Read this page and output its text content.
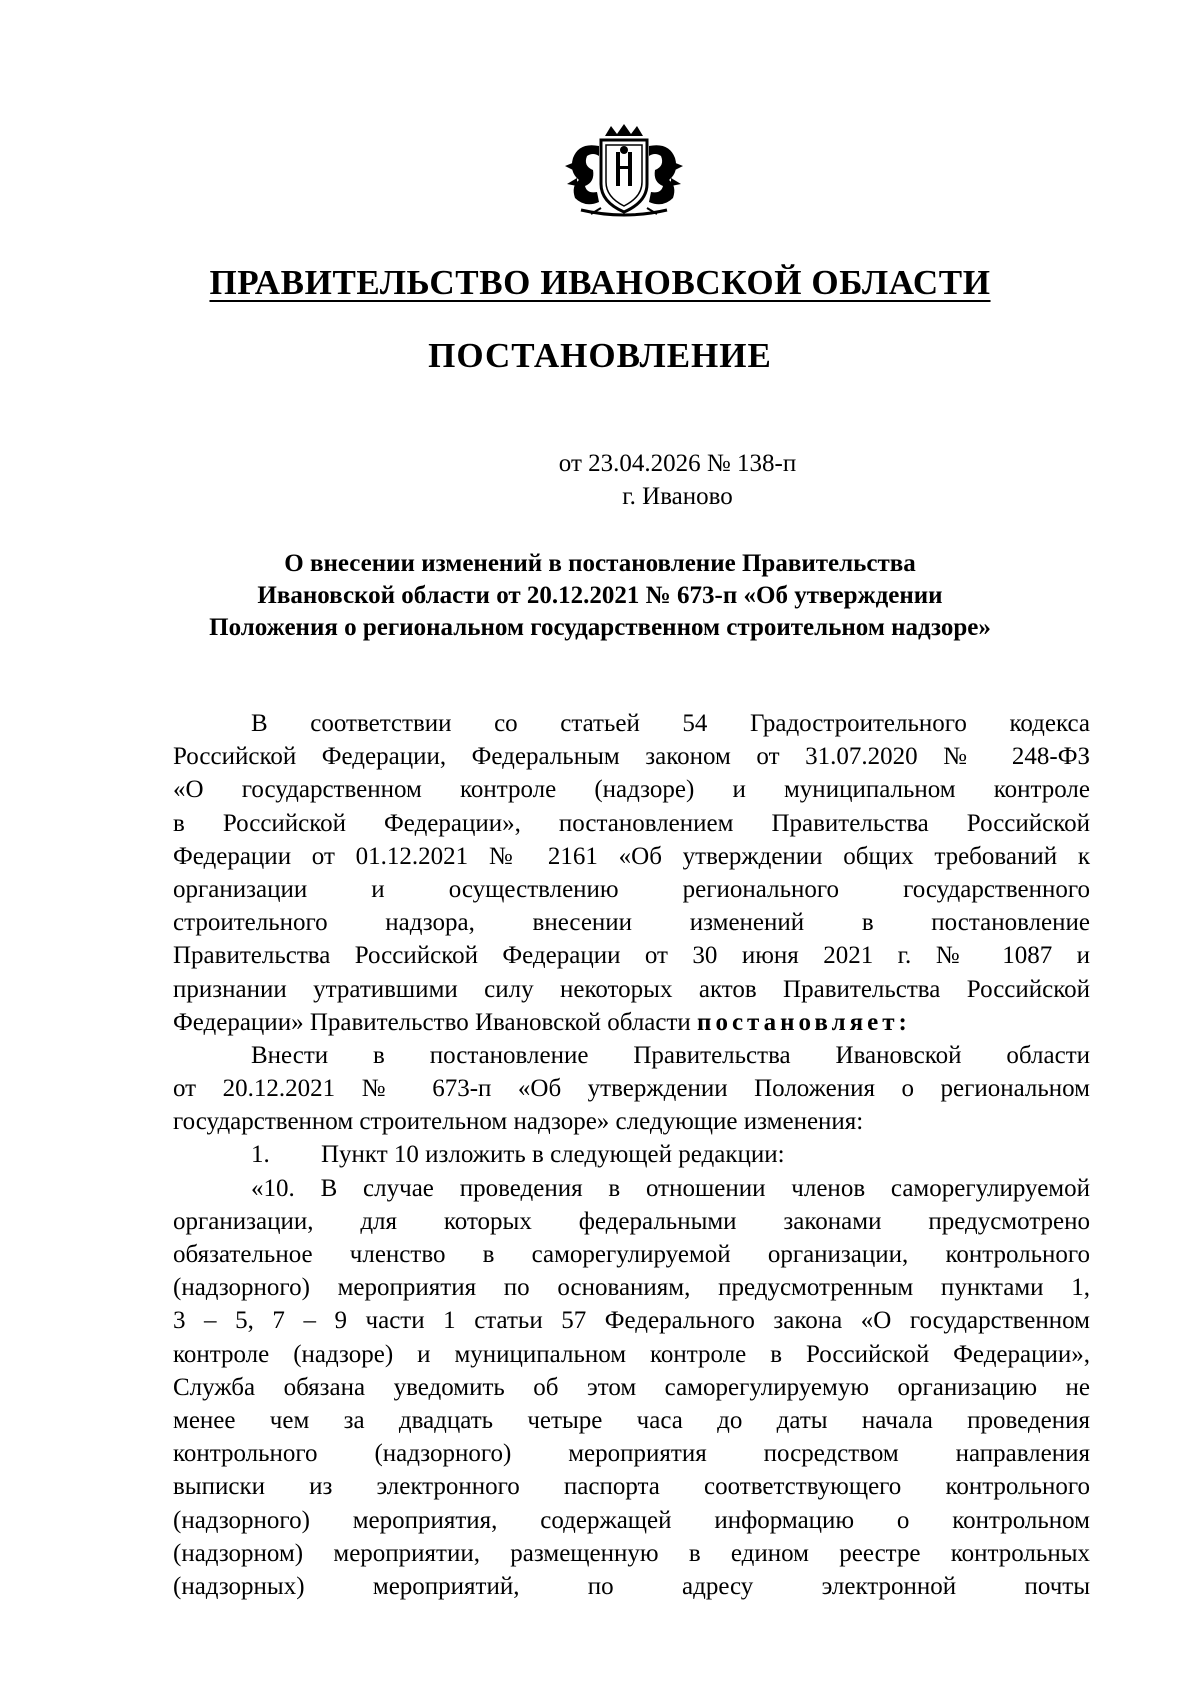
ПРАВИТЕЛЬСТВО ИВАНОВСКОЙ ОБЛАСТИ
ПОСТАНОВЛЕНИЕ
от 23.04.2026 № 138-п
г. Иваново
О внесении изменений в постановление Правительства
Ивановской области от 20.12.2021 № 673-п «Об утверждении
Положения о региональном государственном строительном надзоре»
В соответствии со статьей 54 Градостроительного кодекса
Российской Федерации, Федеральным законом от 31.07.2020 № 248-ФЗ
«О государственном контроле (надзоре) и муниципальном контроле
в Российской Федерации», постановлением Правительства Российской
Федерации от 01.12.2021 № 2161 «Об утверждении общих требований к
организации и осуществлению регионального государственного
строительного надзора, внесении изменений в постановление
Правительства Российской Федерации от 30 июня 2021 г. № 1087 и
признании утратившими силу некоторых актов Правительства Российской
Федерации» Правительство Ивановской области постановляет:
Внести в постановление Правительства Ивановской области
от 20.12.2021 № 673-п «Об утверждении Положения о региональном
государственном строительном надзоре» следующие изменения:
1. Пункт 10 изложить в следующей редакции:
«10. В случае проведения в отношении членов саморегулируемой
организации, для которых федеральными законами предусмотрено
обязательное членство в саморегулируемой организации, контрольного
(надзорного) мероприятия по основаниям, предусмотренным пунктами 1,
3 – 5, 7 – 9 части 1 статьи 57 Федерального закона «О государственном
контроле (надзоре) и муниципальном контроле в Российской Федерации»,
Служба обязана уведомить об этом саморегулируемую организацию не
менее чем за двадцать четыре часа до даты начала проведения
контрольного (надзорного) мероприятия посредством направления
выписки из электронного паспорта соответствующего контрольного
(надзорного) мероприятия, содержащей информацию о контрольном
(надзорном) мероприятии, размещенную в едином реестре контрольных
(надзорных) мероприятий, по адресу электронной почты
